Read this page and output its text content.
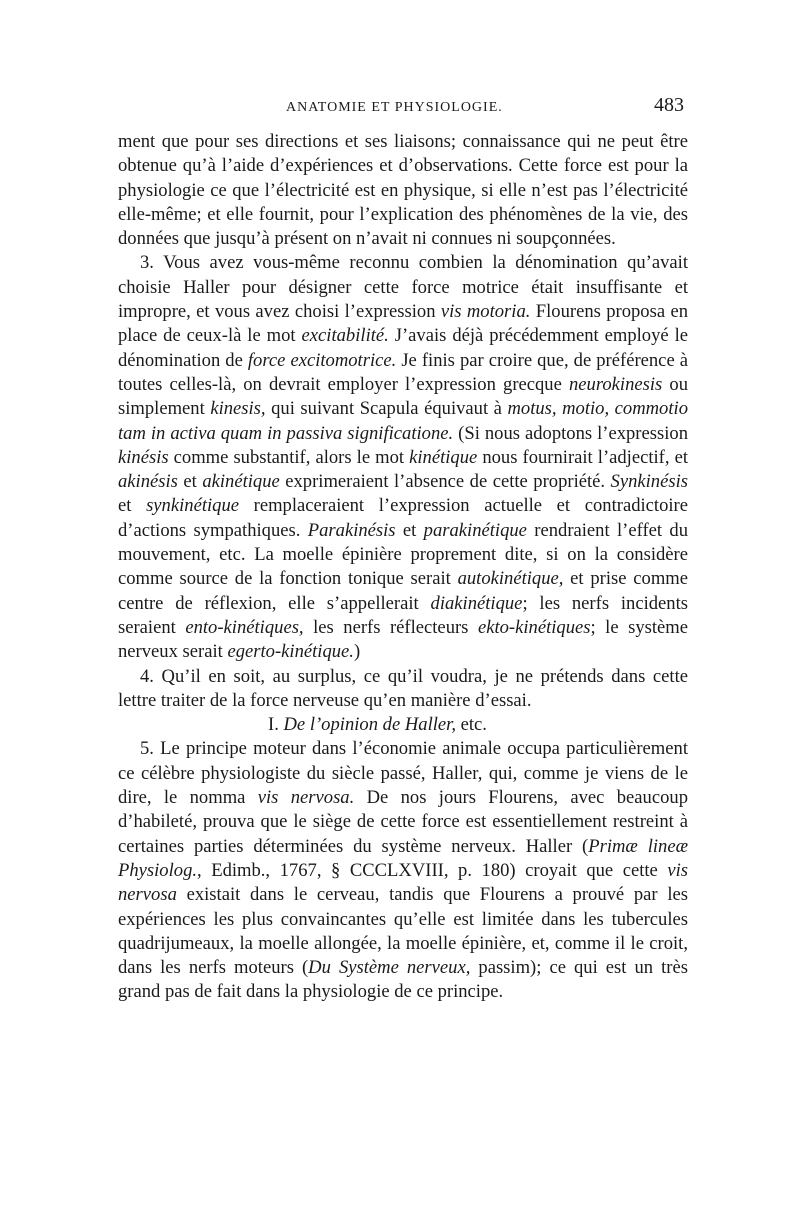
ANATOMIE ET PHYSIOLOGIE.	483

ment que pour ses directions et ses liaisons; connaissance qui ne peut être obtenue qu’à l’aide d’expériences et d’observations. Cette force est pour la physiologie ce que l’électricité est en physique, si elle n’est pas l’électricité elle-même; et elle fournit, pour l’explication des phénomènes de la vie, des données que jusqu’à présent on n’avait ni connues ni soupçonnées.

3. Vous avez vous-même reconnu combien la dénomination qu’avait choisie Haller pour désigner cette force motrice était insuffisante et impropre, et vous avez choisi l’expression vis motoria. Flourens proposa en place de ceux-là le mot excitabilité. J’avais déjà précédemment employé le dénomination de force excitomotrice. Je finis par croire que, de préférence à toutes celles-là, on devrait employer l’expression grecque neurokinesis ou simplement kinesis, qui suivant Scapula équivaut à motus, motio, commotio tam in activa quam in passiva significatione. (Si nous adoptons l’expression kinésis comme substantif, alors le mot kinétique nous fournirait l’adjectif, et akinésis et akinétique exprimeraient l’absence de cette propriété. Synkinésis et synkinétique remplaceraient l’expression actuelle et contradictoire d’actions sympathiques. Parakinésis et parakinétique rendraient l’effet du mouvement, etc. La moelle épinière proprement dite, si on la considère comme source de la fonction tonique serait autokinétique, et prise comme centre de réflexion, elle s’appellerait diakinétique; les nerfs incidents seraient ento-kinétiques, les nerfs réflecteurs ekto-kinétiques; le système nerveux serait egerto-kinétique.)

4. Qu’il en soit, au surplus, ce qu’il voudra, je ne prétends dans cette lettre traiter de la force nerveuse qu’en manière d’essai.

I. De l’opinion de Haller, etc.

5. Le principe moteur dans l’économie animale occupa particulièrement ce célèbre physiologiste du siècle passé, Haller, qui, comme je viens de le dire, le nomma vis nervosa. De nos jours Flourens, avec beaucoup d’habileté, prouva que le siège de cette force est essentiellement restreint à certaines parties déterminées du système nerveux. Haller (Primæ lineæ Physiolog., Edimb., 1767, § CCCLXVIII, p. 180) croyait que cette vis nervosa existait dans le cerveau, tandis que Flourens a prouvé par les expériences les plus convaincantes qu’elle est limitée dans les tubercules quadrijumeaux, la moelle allongée, la moelle épinière, et, comme il le croit, dans les nerfs moteurs (Du Système nerveux, passim); ce qui est un très grand pas de fait dans la physiologie de ce principe.
